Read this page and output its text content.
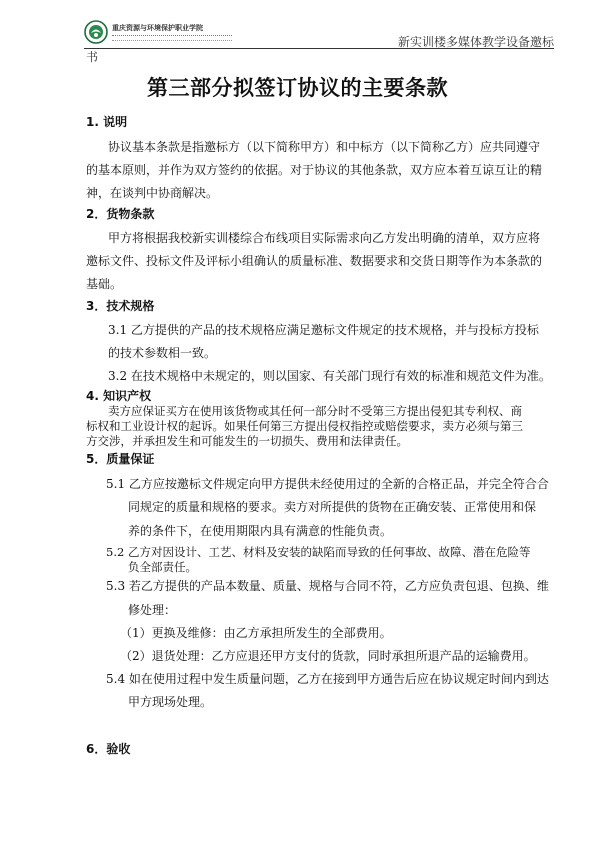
重庆资源与环境保护职业学院
新实训楼多媒体教学设备邀标
书
第三部分拟签订协议的主要条款
1. 说明
协议基本条款是指邀标方（以下简称甲方）和中标方（以下简称乙方）应共同遵守
的基本原则，并作为双方签约的依据。对于协议的其他条款，双方应本着互谅互让的精
神，在谈判中协商解决。
2．货物条款
甲方将根据我校新实训楼综合布线项目实际需求向乙方发出明确的清单，双方应将
邀标文件、投标文件及评标小组确认的质量标准、数据要求和交货日期等作为本条款的
基础。
3．技术规格
3.1 乙方提供的产品的技术规格应满足邀标文件规定的技术规格，并与投标方投标
的技术参数相一致。
3.2 在技术规格中未规定的，则以国家、有关部门现行有效的标准和规范文件为准。
4. 知识产权
卖方应保证买方在使用该货物或其任何一部分时不受第三方提出侵犯其专利权、商
标权和工业设计权的起诉。如果任何第三方提出侵权指控或赔偿要求，卖方必须与第三
方交涉，并承担发生和可能发生的一切损失、费用和法律责任。
5．质量保证
5.1 乙方应按邀标文件规定向甲方提供未经使用过的全新的合格正品，并完全符合合
同规定的质量和规格的要求。卖方对所提供的货物在正确安装、正常使用和保
养的条件下，在使用期限内具有满意的性能负责。
5.2 乙方对因设计、工艺、材料及安装的缺陷而导致的任何事故、故障、潜在危险等
负全部责任。
5.3 若乙方提供的产品本数量、质量、规格与合同不符，乙方应负责包退、包换、维
修处理：
（1）更换及维修：由乙方承担所发生的全部费用。
（2）退货处理：乙方应退还甲方支付的货款，同时承担所退产品的运输费用。
5.4 如在使用过程中发生质量问题，乙方在接到甲方通告后应在协议规定时间内到达
甲方现场处理。
6．验收
